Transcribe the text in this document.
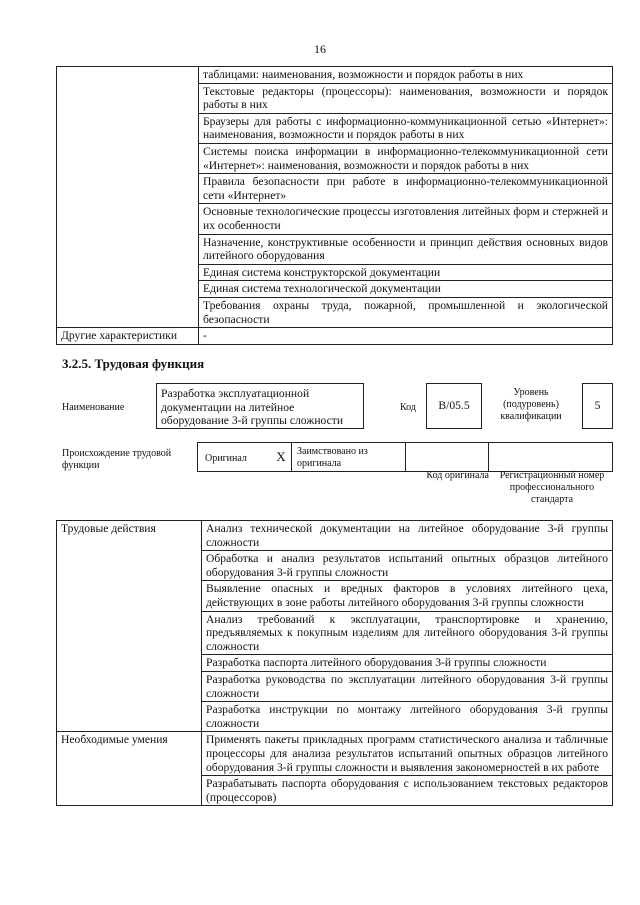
16
	таблицами: наименования, возможности и порядок работы в них
	Текстовые редакторы (процессоры): наименования, возможности и порядок работы в них
	Браузеры для работы с информационно-коммуникационной сетью «Интернет»: наименования, возможности и порядок работы в них
	Системы поиска информации в информационно-телекоммуникационной сети «Интернет»: наименования, возможности и порядок работы в них
	Правила безопасности при работе в информационно-телекоммуникационной сети «Интернет»
	Основные технологические процессы изготовления литейных форм и стержней и их особенности
	Назначение, конструктивные особенности и принцип действия основных видов литейного оборудования
	Единая система конструкторской документации
	Единая система технологической документации
	Требования охраны труда, пожарной, промышленной и экологической безопасности
Другие характеристики	-
3.2.5. Трудовая функция
Наименование
Разработка эксплуатационной документации на литейное оборудование 3-й группы сложности
Код	B/05.5
Уровень (подуровень) квалификации
5
Происхождение трудовой функции
Оригинал	X	Заимствовано из оригинала
Код оригинала	Регистрационный номер профессионального стандарта
Трудовые действия	Анализ технической документации на литейное оборудование 3-й группы сложности
	Обработка и анализ результатов испытаний опытных образцов литейного оборудования 3-й группы сложности
	Выявление опасных и вредных факторов в условиях литейного цеха, действующих в зоне работы литейного оборудования 3-й группы сложности
	Анализ требований к эксплуатации, транспортировке и хранению, предъявляемых к покупным изделиям для литейного оборудования 3-й группы сложности
	Разработка паспорта литейного оборудования 3-й группы сложности
	Разработка руководства по эксплуатации литейного оборудования 3-й группы сложности
	Разработка инструкции по монтажу литейного оборудования 3-й группы сложности
Необходимые умения	Применять пакеты прикладных программ статистического анализа и табличные процессоры для анализа результатов испытаний опытных образцов литейного оборудования 3-й группы сложности и выявления закономерностей в их работе
	Разрабатывать паспорта оборудования с использованием текстовых редакторов (процессоров)
